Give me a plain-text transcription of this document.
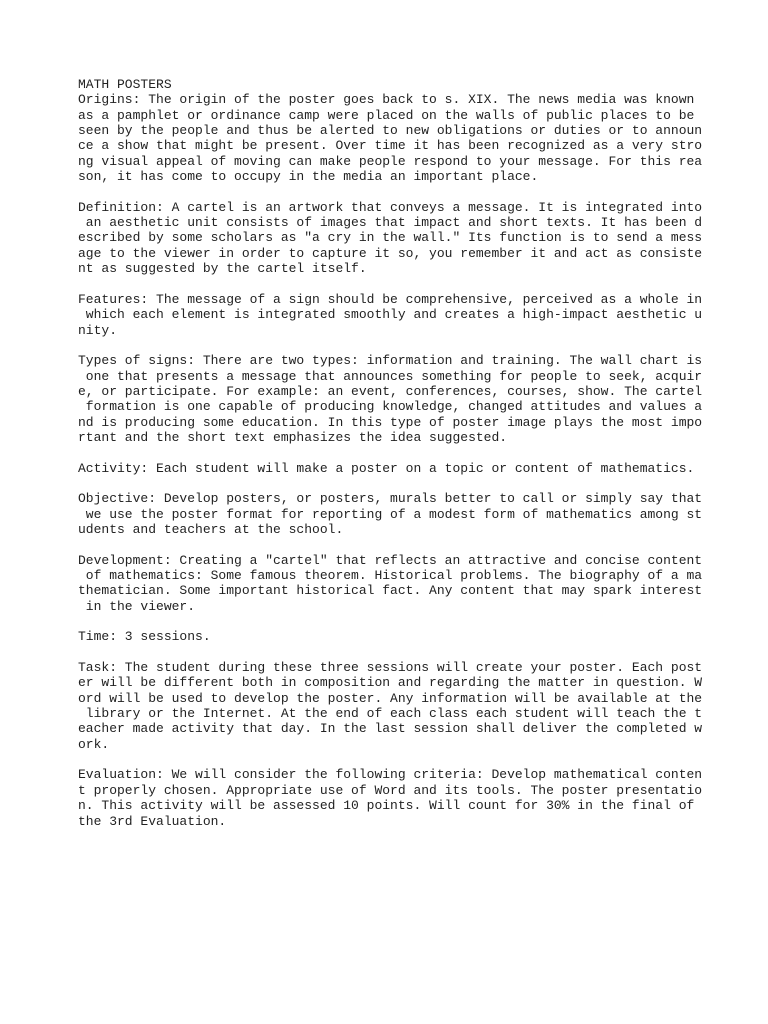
MATH POSTERS
Origins: The origin of the poster goes back to s. XIX. The news media was known
as a pamphlet or ordinance camp were placed on the walls of public places to be
seen by the people and thus be alerted to new obligations or duties or to announ
ce a show that might be present. Over time it has been recognized as a very stro
ng visual appeal of moving can make people respond to your message. For this rea
son, it has come to occupy in the media an important place.
Definition: A cartel is an artwork that conveys a message. It is integrated into
an aesthetic unit consists of images that impact and short texts. It has been d
escribed by some scholars as "a cry in the wall." Its function is to send a mess
age to the viewer in order to capture it so, you remember it and act as consiste
nt as suggested by the cartel itself.
Features: The message of a sign should be comprehensive, perceived as a whole in
which each element is integrated smoothly and creates a high-impact aesthetic u
nity.
Types of signs: There are two types: information and training. The wall chart is
one that presents a message that announces something for people to seek, acquir
e, or participate. For example: an event, conferences, courses, show. The cartel
formation is one capable of producing knowledge, changed attitudes and values a
nd is producing some education. In this type of poster image plays the most impo
rtant and the short text emphasizes the idea suggested.
Activity: Each student will make a poster on a topic or content of mathematics.
Objective: Develop posters, or posters, murals better to call or simply say that
we use the poster format for reporting of a modest form of mathematics among st
udents and teachers at the school.
Development: Creating a "cartel" that reflects an attractive and concise content
of mathematics: Some famous theorem. Historical problems. The biography of a ma
thematician. Some important historical fact. Any content that may spark interest
in the viewer.
Time: 3 sessions.
Task: The student during these three sessions will create your poster. Each post
er will be different both in composition and regarding the matter in question. W
ord will be used to develop the poster. Any information will be available at the
library or the Internet. At the end of each class each student will teach the t
eacher made activity that day. In the last session shall deliver the completed w
ork.
Evaluation: We will consider the following criteria: Develop mathematical conten
t properly chosen. Appropriate use of Word and its tools. The poster presentatio
n. This activity will be assessed 10 points. Will count for 30% in the final of
the 3rd Evaluation.
